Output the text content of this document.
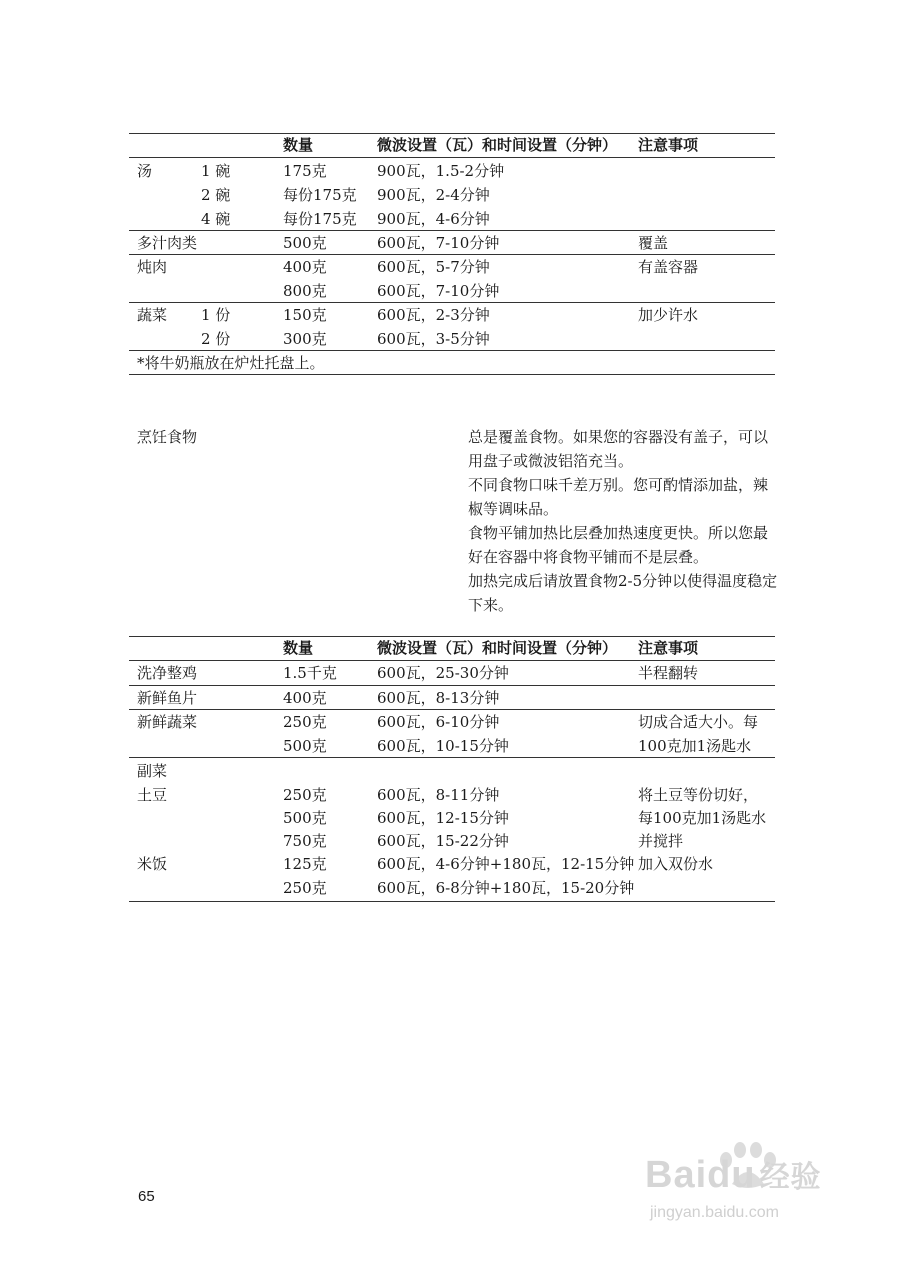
数量	微波设置（瓦）和时间设置（分钟） 注意事项
汤	1 碗	175克	900瓦，1.5-2分钟
2 碗	每份175克 900瓦，2-4分钟
4 碗	每份175克 900瓦，4-6分钟
多汁肉类	500克	600瓦，7-10分钟	覆盖
炖肉	400克	600瓦，5-7分钟	有盖容器
800克	600瓦，7-10分钟
蔬菜 1 份	150克	600瓦，2-3分钟	加少许水
2 份	300克	600瓦，3-5分钟
*将牛奶瓶放在炉灶托盘上。
烹饪食物	总是覆盖食物。如果您的容器没有盖子，可以用盘子或微波铝箔充当。

不同食物口味千差万别。您可酌情添加盐，辣椒等调味品。

食物平铺加热比层叠加热速度更快。所以您最好在容器中将食物平铺而不是层叠。

加热完成后请放置食物2-5分钟以使得温度稳定下来。

数量	微波设置（瓦）和时间设置（分钟） 注意事项
洗净整鸡	1.5千克	600瓦，25-30分钟	半程翻转
新鲜鱼片	400克	600瓦，8-13分钟
新鲜蔬菜	250克	600瓦，6-10分钟	切成合适大小。每
500克	600瓦，10-15分钟	100克加1汤匙水
副菜
土豆	250克	600瓦，8-11分钟	将土豆等份切好，
500克	600瓦，12-15分钟	每100克加1汤匙水
750克	600瓦，15-22分钟	并搅拌
米饭	125克	600瓦，4-6分钟+180瓦，12-15分钟 加入双份水
250克	600瓦，6-8分钟+180瓦，15-20分钟
65
Baidu 经验
jingyan.baidu.com
